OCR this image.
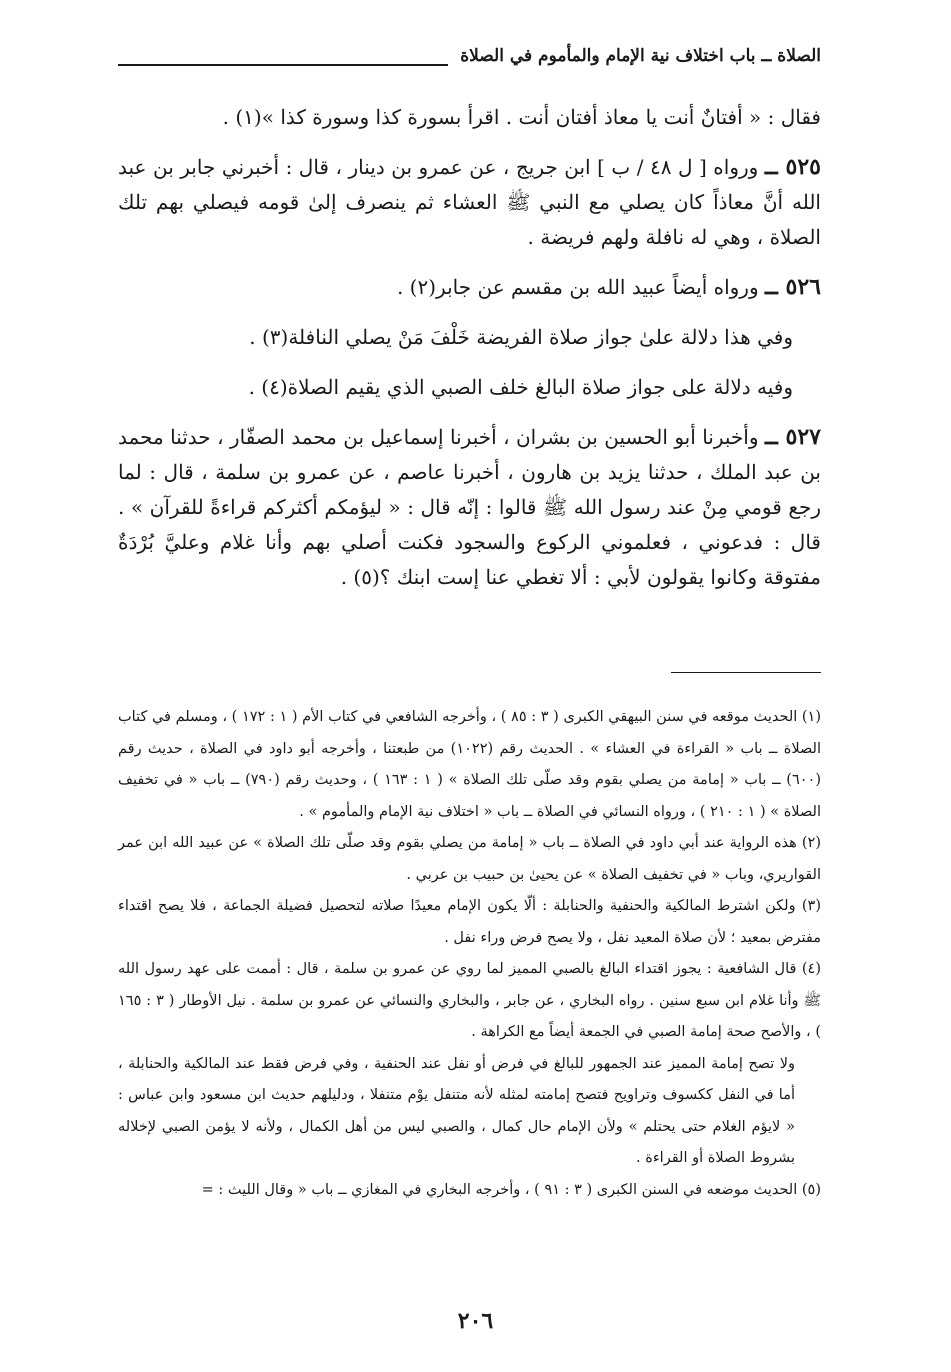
الصلاة ــ باب اختلاف نية الإمام والمأموم في الصلاة

فقال : « أفتانٌ أنت يا معاذ أفتان أنت . اقرأ بسورة كذا وسورة كذا »(١) .

٥٢٥ ــ ورواه [ ل ٤٨ / ب ] ابن جريج ، عن عمرو بن دينار ، قال : أخبرني جابر بن عبد الله أنَّ معاذاً كان يصلي مع النبي ﷺ العشاء ثم ينصرف إلىٰ قومه فيصلي بهم تلك الصلاة ، وهي له نافلة ولهم فريضة .

٥٢٦ ــ ورواه أيضاً عبيد الله بن مقسم عن جابر(٢) .

وفي هذا دلالة علىٰ جواز صلاة الفريضة خَلْفَ مَنْ يصلي النافلة(٣) .

وفيه دلالة على جواز صلاة البالغ خلف الصبي الذي يقيم الصلاة(٤) .

٥٢٧ ــ وأخبرنا أبو الحسين بن بشران ، أخبرنا إسماعيل بن محمد الصفّار ، حدثنا محمد بن عبد الملك ، حدثنا يزيد بن هارون ، أخبرنا عاصم ، عن عمرو بن سلمة ، قال : لما رجع قومي مِنْ عند رسول الله ﷺ قالوا : إنّه قال : « ليؤمكم أكثركم قراءةً للقرآن » . قال : فدعوني ، فعلموني الركوع والسجود فكنت أصلي بهم وأنا غلام وعليَّ بُرْدَةٌ مفتوقة وكانوا يقولون لأبي : ألا تغطي عنا إست ابنك ؟(٥) .

(١) الحديث موقعه في سنن البيهقي الكبرى ( ٣ : ٨٥ ) ، وأخرجه الشافعي في كتاب الأم ( ١ : ١٧٢ ) ، ومسلم في كتاب الصلاة ــ باب « القراءة في العشاء » . الحديث رقم (١٠٢٢) من طبعتنا ، وأخرجه أبو داود في الصلاة ، حديث رقم (٦٠٠) ــ باب « إمامة من يصلي بقوم وقد صلّى تلك الصلاة » ( ١ : ١٦٣ ) ، وحديث رقم (٧٩٠) ــ باب « في تخفيف الصلاة » ( ١ : ٢١٠ ) ، ورواه النسائي في الصلاة ــ باب « اختلاف نية الإمام والمأموم » .

(٢) هذه الرواية عند أبي داود في الصلاة ــ باب « إمامة من يصلي بقوم وقد صلّى تلك الصلاة » عن عبيد الله ابن عمر القواريري، وباب « في تخفيف الصلاة » عن يحيىٰ بن حبيب بن عربي .

(٣) ولكن اشترط المالكية والحنفية والحنابلة : ألّا يكون الإمام معيدًا صلاته لتحصيل فضيلة الجماعة ، فلا يصح اقتداء مفترض بمعيد ؛ لأن صلاة المعيد نفل ، ولا يصح فرض وراء نفل .

(٤) قال الشافعية : يجوز اقتداء البالغ بالصبي المميز لما روي عن عمرو بن سلمة ، قال : أممت على عهد رسول الله ﷺ وأنا غلام ابن سبع سنين . رواه البخاري ، عن جابر ، والبخاري والنسائي عن عمرو بن سلمة . نيل الأوطار ( ٣ : ١٦٥ ) ، والأصح صحة إمامة الصبي في الجمعة أيضاً مع الكراهة .

ولا تصح إمامة المميز عند الجمهور للبالغ في فرض أو نفل عند الحنفية ، وفي فرض فقط عند المالكية والحنابلة ، أما في النفل ككسوف وتراويح فتصح إمامته لمثله لأنه متنفل يوْم متنفلا ، ودليلهم حديث ابن مسعود وابن عباس : « لايؤم الغلام حتى يحتلم » ولأن الإمام حال كمال ، والصبي ليس من أهل الكمال ، ولأنه لا يؤمن الصبي لإخلاله بشروط الصلاة أو القراءة .

(٥) الحديث موضعه في السنن الكبرى ( ٣ : ٩١ ) ، وأخرجه البخاري في المغازي ــ باب « وقال الليث : =

٢٠٦
